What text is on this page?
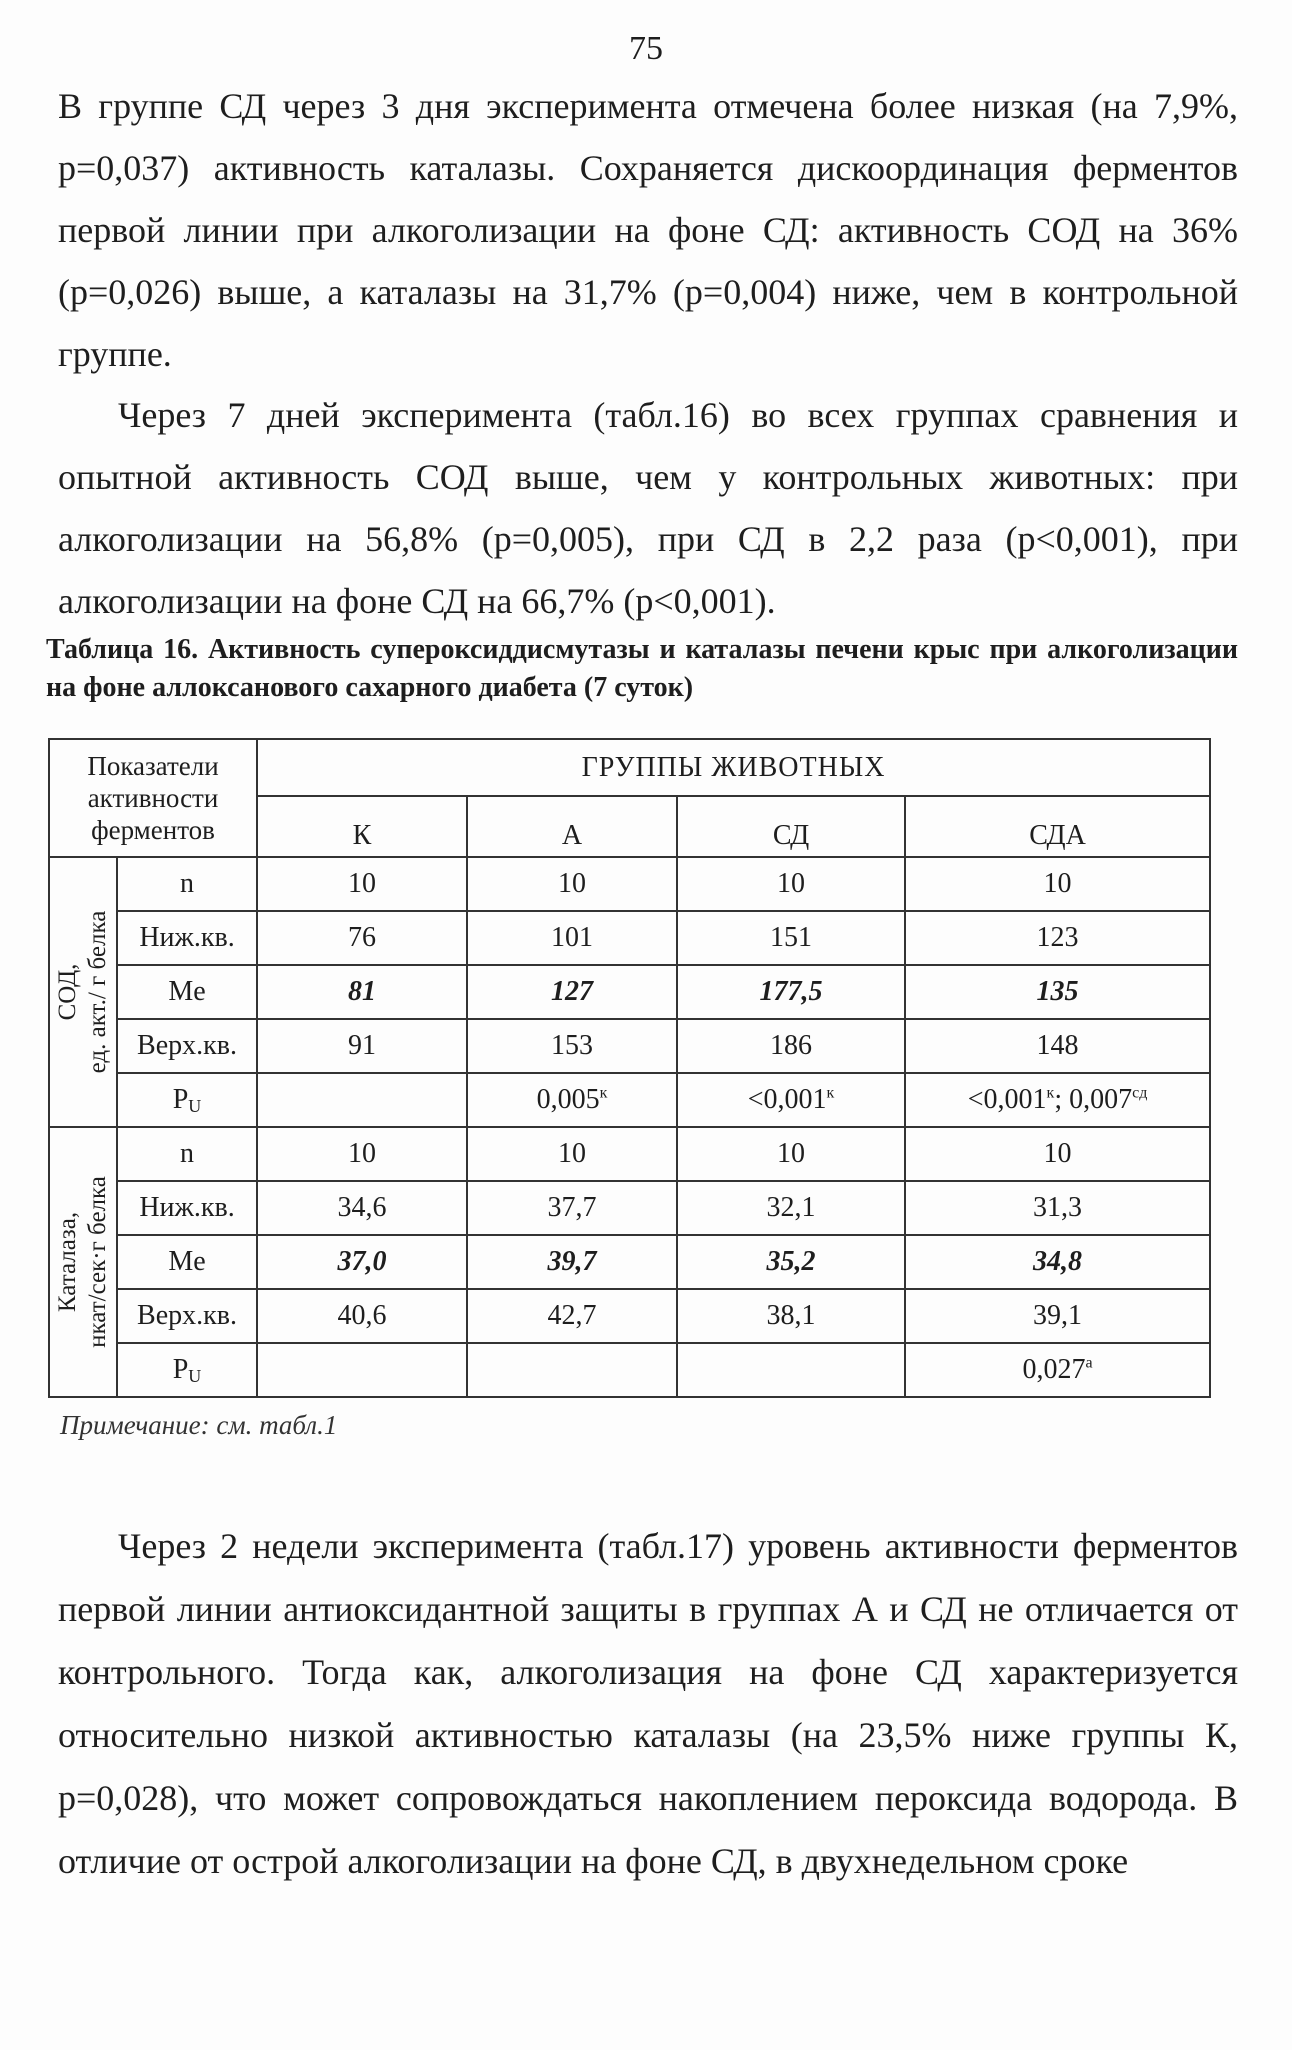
75

В группе СД через 3 дня эксперимента отмечена более низкая (на 7,9%, р=0,037) активность каталазы. Сохраняется дискоординация ферментов первой линии при алкоголизации на фоне СД: активность СОД на 36% (р=0,026) выше, а каталазы на 31,7% (р=0,004) ниже, чем в контрольной группе.

Через 7 дней эксперимента (табл.16) во всех группах сравнения и опытной активность СОД выше, чем у контрольных животных: при алкоголизации на 56,8% (р=0,005), при СД в 2,2 раза (р<0,001), при алкоголизации на фоне СД на 66,7% (р<0,001).

Таблица 16. Активность супероксиддисмутазы и каталазы печени крыс при алкоголизации на фоне аллоксанового сахарного диабета (7 суток)
Показатели активности ферментов		ГРУППЫ ЖИВОТНЫХ			
		К	А	СД	СДА

СОД, ед. акт./ г белка	n	10	10	10	10
	Ниж.кв.	76	101	151	123
	Me	81	127	177,5	135
	Верх.кв.	91	153	186	148
	$P_U$		$0,005^к$	$<0,001^к$	$<0,001^к$; $0,007^{сд}$

Каталаза, нкат/сек·г белка	n	10	10	10	10
	Ниж.кв.	34,6	37,7	32,1	31,3
	Me	37,0	39,7	35,2	34,8
	Верх.кв.	40,6	42,7	38,1	39,1
	$P_U$				$0,027^а$
Примечание: см. табл.1

Через 2 недели эксперимента (табл.17) уровень активности ферментов первой линии антиоксидантной защиты в группах А и СД не отличается от контрольного. Тогда как, алкоголизация на фоне СД характеризуется относительно низкой активностью каталазы (на 23,5% ниже группы К, р=0,028), что может сопровождаться накоплением пероксида водорода. В отличие от острой алкоголизации на фоне СД, в двухнедельном сроке
